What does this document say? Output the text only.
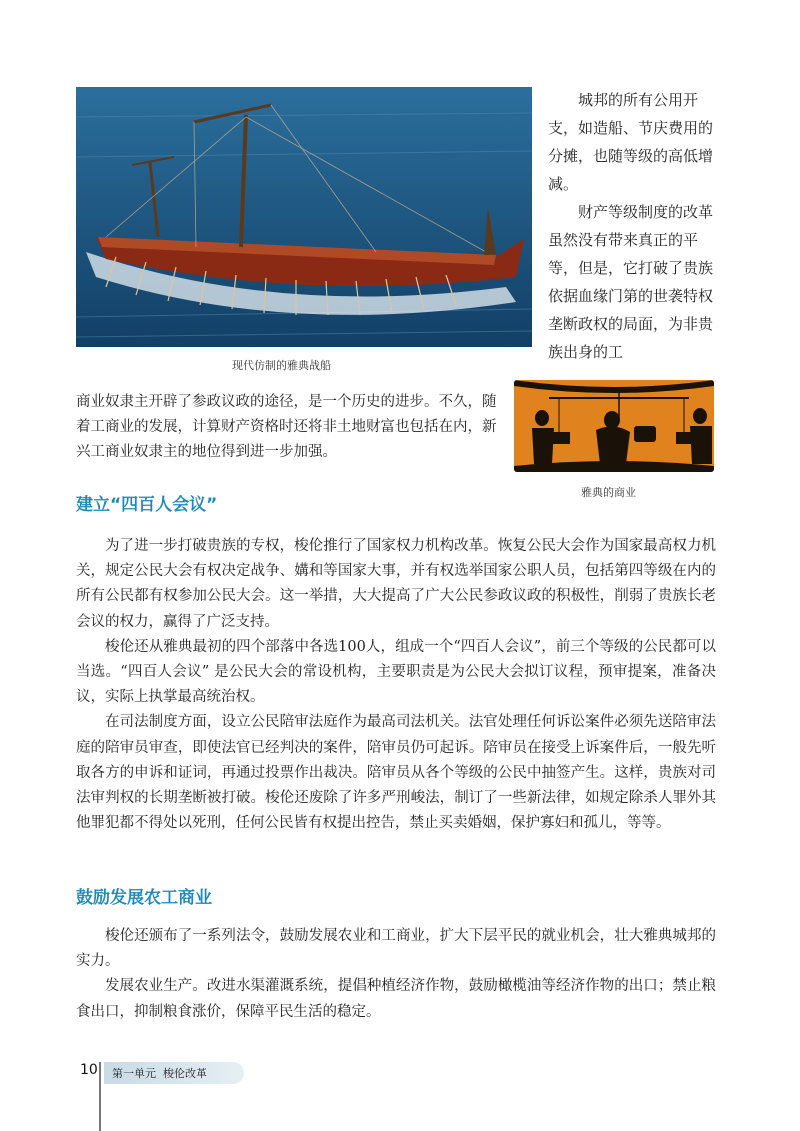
现代仿制的雅典战船

城邦的所有公用开支，如造船、节庆费用的分摊，也随等级的高低增减。

财产等级制度的改革虽然没有带来真正的平等，但是，它打破了贵族依据血缘门第的世袭特权垄断政权的局面，为非贵族出身的工

商业奴隶主开辟了参政议政的途径，是一个历史的进步。不久，随着工商业的发展，计算财产资格时还将非土地财富也包括在内，新兴工商业奴隶主的地位得到进一步加强。

雅典的商业
建立“四百人会议”

为了进一步打破贵族的专权，梭伦推行了国家权力机构改革。恢复公民大会作为国家最高权力机关，规定公民大会有权决定战争、媾和等国家大事，并有权选举国家公职人员，包括第四等级在内的所有公民都有权参加公民大会。这一举措，大大提高了广大公民参政议政的积极性，削弱了贵族长老会议的权力，赢得了广泛支持。

梭伦还从雅典最初的四个部落中各选100人，组成一个“四百人会议”，前三个等级的公民都可以当选。“四百人会议” 是公民大会的常设机构，主要职责是为公民大会拟订议程，预审提案，准备决议，实际上执掌最高统治权。

在司法制度方面，设立公民陪审法庭作为最高司法机关。法官处理任何诉讼案件必须先送陪审法庭的陪审员审查，即使法官已经判决的案件，陪审员仍可起诉。陪审员在接受上诉案件后，一般先听取各方的申诉和证词，再通过投票作出裁决。陪审员从各个等级的公民中抽签产生。这样，贵族对司法审判权的长期垄断被打破。梭伦还废除了许多严刑峻法，制订了一些新法律，如规定除杀人罪外其他罪犯都不得处以死刑，任何公民皆有权提出控告，禁止买卖婚姻，保护寡妇和孤儿，等等。

鼓励发展农工商业

梭伦还颁布了一系列法令，鼓励发展农业和工商业，扩大下层平民的就业机会，壮大雅典城邦的实力。

发展农业生产。改进水渠灌溉系统，提倡种植经济作物，鼓励橄榄油等经济作物的出口；禁止粮食出口，抑制粮食涨价，保障平民生活的稳定。

10 第一单元 梭伦改革
